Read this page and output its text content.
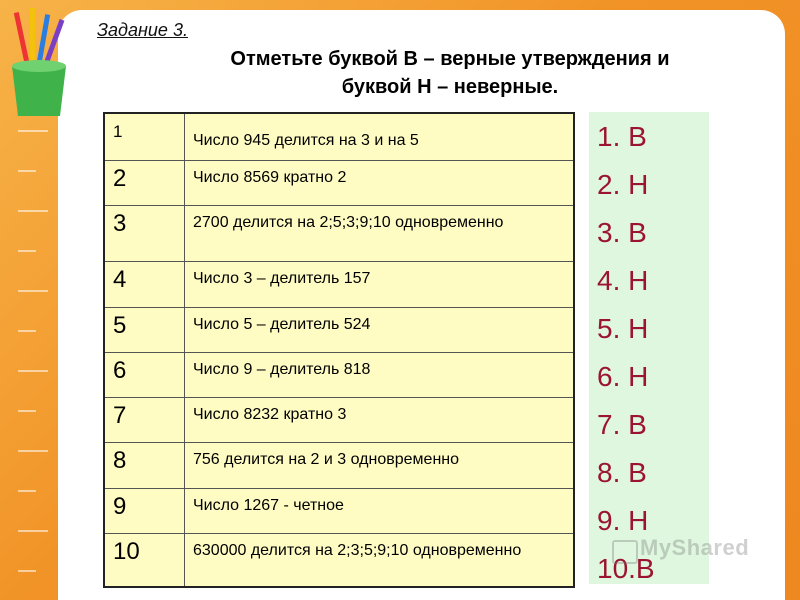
Задание 3.
Отметьте буквой В – верные утверждения и
буквой Н – неверные.
1	Число 945 делится на 3 и на 5
2	Число 8569 кратно 2
3	2700 делится на 2;5;3;9;10 одновременно
4	Число 3 – делитель 157
5	Число 5 – делитель 524
6	Число 9 – делитель 818
7	Число 8232 кратно 3
8	756 делится на 2 и 3 одновременно
9	Число 1267 - четное
10	630000 делится на 2;3;5;9;10 одновременно
1. В
2. Н
3. В
4. Н
5. Н
6. Н
7. В
8. В
9. Н
10.В
MyShared
